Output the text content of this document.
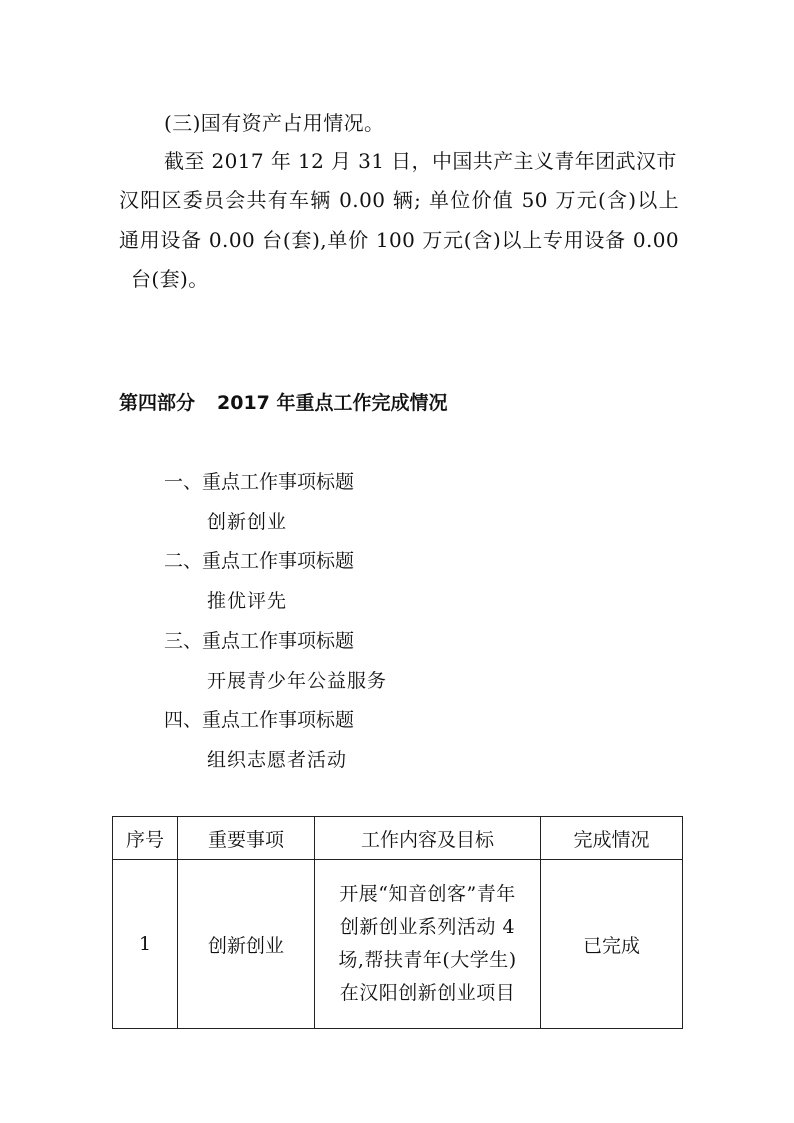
(三)国有资产占用情况。
截至 2017 年 12 月 31 日，中国共产主义青年团武汉市
汉阳区委员会共有车辆 0.00 辆; 单位价值 50 万元(含)以上
通用设备 0.00 台(套),单价 100 万元(含)以上专用设备 0.00
台(套)。
第四部分 2017 年重点工作完成情况
一、重点工作事项标题
创新创业
二、重点工作事项标题
推优评先
三、重点工作事项标题
开展青少年公益服务
四、重点工作事项标题
组织志愿者活动
序号	重要事项	工作内容及目标	完成情况
1	创新创业	开展“知音创客”青年
创新创业系列活动 4
场,帮扶青年(大学生)
在汉阳创新创业项目	已完成
